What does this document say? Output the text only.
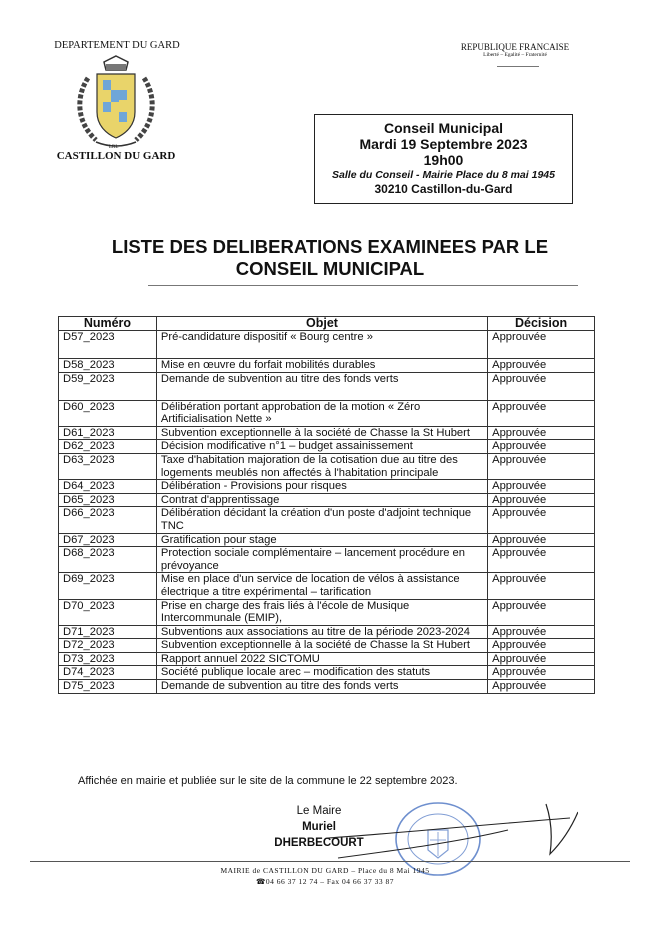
DEPARTEMENT DU GARD
LRL
CASTILLON DU GARD
REPUBLIQUE FRANCAISE
Liberté – Egalité – Fraternité
Conseil Municipal
Mardi 19 Septembre 2023
19h00
Salle du Conseil - Mairie Place du 8 mai 1945
30210 Castillon-du-Gard
LISTE DES DELIBERATIONS EXAMINEES PAR LE
CONSEIL MUNICIPAL
Numéro	Objet	Décision
D57_2023	Pré-candidature dispositif « Bourg centre »	Approuvée
D58_2023	Mise en œuvre du forfait mobilités durables	Approuvée
D59_2023	Demande de subvention au titre des fonds verts	Approuvée
D60_2023	Délibération portant approbation de la motion « Zéro Artificialisation Nette »	Approuvée
D61_2023	Subvention exceptionnelle à la société de Chasse la St Hubert	Approuvée
D62_2023	Décision modificative n°1 – budget assainissement	Approuvée
D63_2023	Taxe d'habitation majoration de la cotisation due au titre des logements meublés non affectés à l'habitation principale	Approuvée
D64_2023	Délibération - Provisions pour risques	Approuvée
D65_2023	Contrat d'apprentissage	Approuvée
D66_2023	Délibération décidant la création d'un poste d'adjoint technique TNC	Approuvée
D67_2023	Gratification pour stage	Approuvée
D68_2023	Protection sociale complémentaire – lancement procédure en prévoyance	Approuvée
D69_2023	Mise en place d'un service de location de vélos à assistance électrique a titre expérimental – tarification	Approuvée
D70_2023	Prise en charge des frais liés à l'école de Musique Intercommunale (EMIP),	Approuvée
D71_2023	Subventions aux associations au titre de la période 2023-2024	Approuvée
D72_2023	Subvention exceptionnelle à la société de Chasse la St Hubert	Approuvée
D73_2023	Rapport annuel 2022 SICTOMU	Approuvée
D74_2023	Société publique locale arec – modification des statuts	Approuvée
D75_2023	Demande de subvention au titre des fonds verts	Approuvée
Affichée en mairie et publiée sur le site de la commune le 22 septembre 2023.
Le Maire
Muriel DHERBECOURT
MAIRIE de CASTILLON DU GARD – Place du 8 Mai 1945
☎04 66 37 12 74 – Fax 04 66 37 33 87
